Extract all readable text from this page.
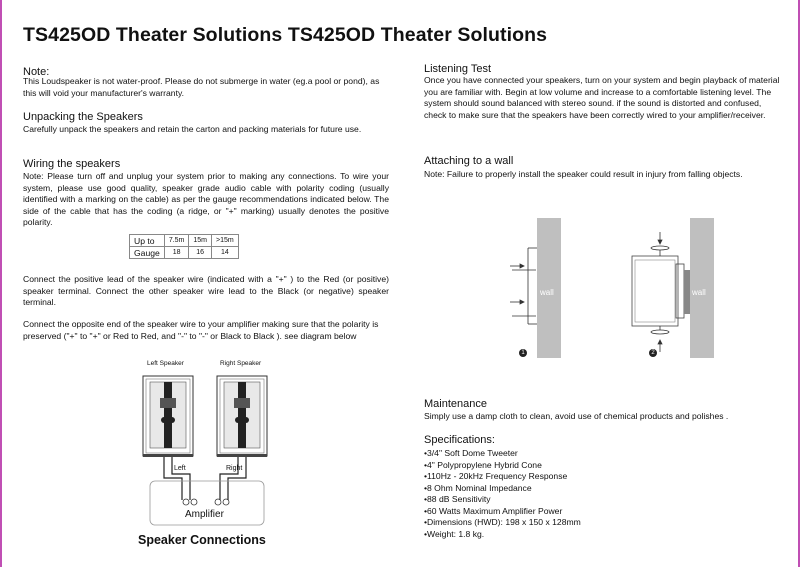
TS425OD Theater Solutions TS425OD Theater Solutions
Note:
This Loudspeaker is not water-proof. Please do not submerge in water (eg.a pool or pond), as this will void your manufacturer's warranty.
Unpacking the Speakers
Carefully unpack the speakers and retain the carton and packing materials for future use.
Wiring the speakers
Note: Please turn off and unplug your system prior to making any connections. To wire your system, please use good quality, speaker grade audio cable with polarity coding (usually identified with a marking on the cable) as per the gauge recommendations indicated below. The side of the cable that has the coding (a ridge, or "+" marking) usually denotes the positive polarity.
Up to	7.5m	15m	>15m
Gauge	18	16	14
Connect the positive lead of the speaker wire (indicated with a "+" ) to the Red (or positive) speaker terminal. Connect the other speaker wire lead to the Black (or negative) speaker terminal.
Connect the opposite end of the speaker wire to your amplifier making sure that the polarity is preserved ("+" to "+" or Red to Red, and "-" to "-" or Black to Black ). see diagram below
Left Speaker	Right Speaker
Left	Right
Amplifier
Speaker Connections
Listening Test
Once you have connected your speakers, turn on your system and begin playback of material you are familiar with. Begin at low volume and increase to a comfortable listening level. The system should sound balanced with stereo sound. if the sound is distorted and confused, check to make sure that the speakers have been correctly wired to your amplifier/receiver.
Attaching to a wall
Note: Failure to properly install the speaker could result in injury from falling objects.
wall	wall
1	2
Maintenance
Simply use a damp cloth to clean, avoid use of chemical products and polishes .
Specifications:
• 3/4" Soft Dome Tweeter
• 4" Polypropylene Hybrid Cone
• 110Hz - 20kHz Frequency Response
• 8 Ohm Nominal Impedance
• 88 dB Sensitivity
• 60 Watts Maximum Amplifier Power
• Dimensions (HWD): 198 x 150 x 128mm
• Weight: 1.8 kg.
